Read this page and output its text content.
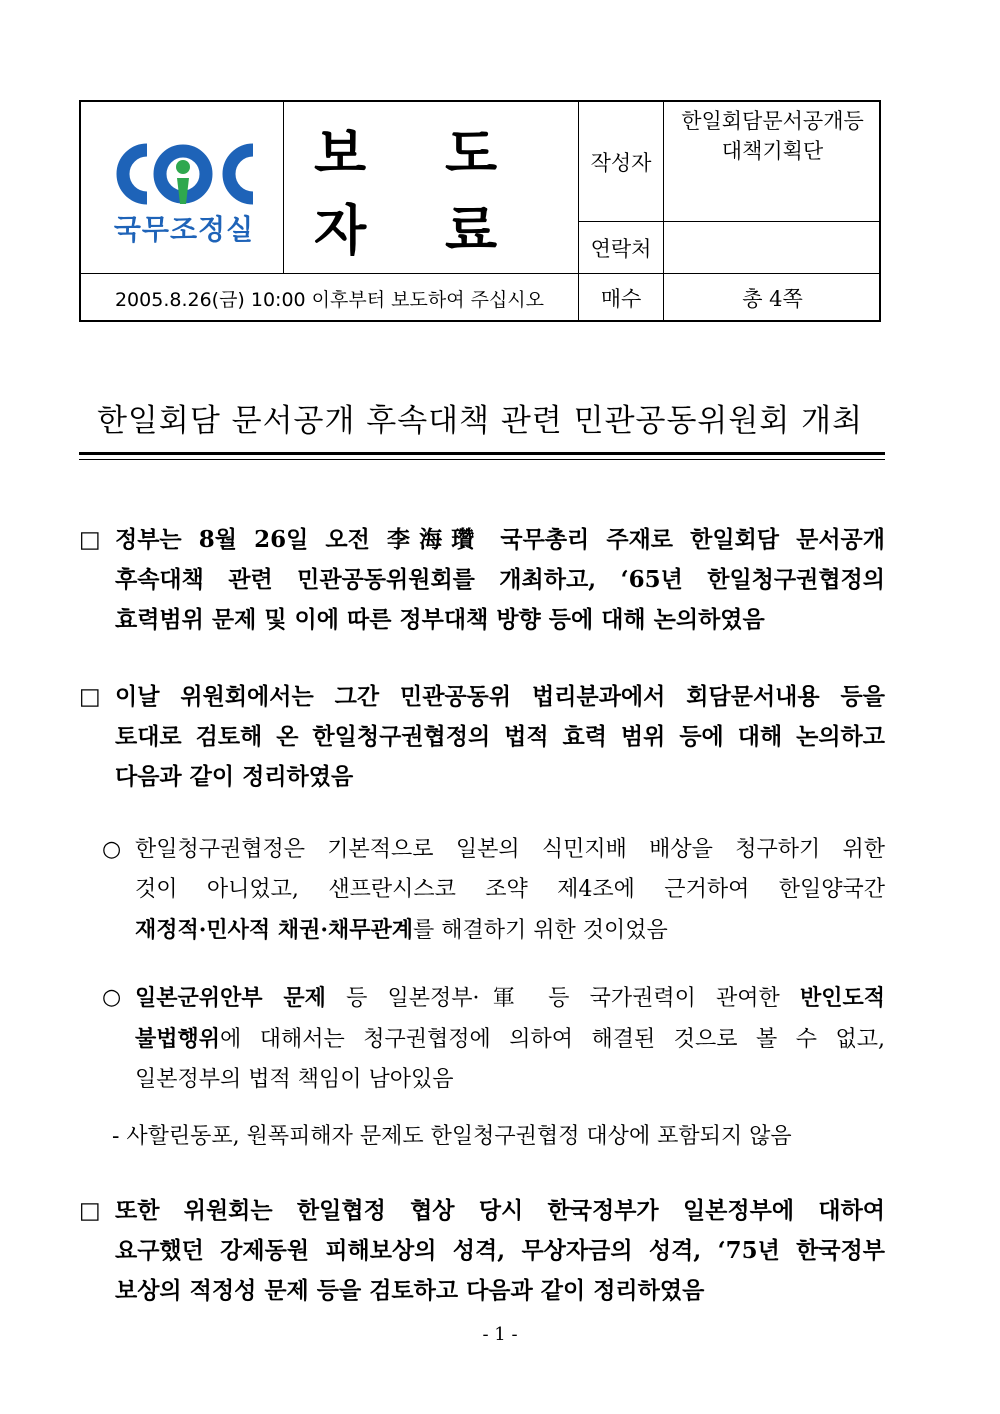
국무조정실
보 도 자 료
작성자
한일회담문서공개등
대책기획단
연락처
2005.8.26(금) 10:00 이후부터 보도하여 주십시오	매수	총 4쪽
한일회담 문서공개 후속대책 관련 민관공동위원회 개최
□ 정부는 8월 26일 오전 李海瓚 국무총리 주재로 한일회담 문서공개
후속대책 관련 민관공동위원회를 개최하고, ‘65년 한일청구권협정의
효력범위 문제 및 이에 따른 정부대책 방향 등에 대해 논의하였음
□ 이날 위원회에서는 그간 민관공동위 법리분과에서 회담문서내용 등을
토대로 검토해 온 한일청구권협정의 법적 효력 범위 등에 대해 논의하고
다음과 같이 정리하였음
○ 한일청구권협정은 기본적으로 일본의 식민지배 배상을 청구하기 위한
것이 아니었고, 샌프란시스코 조약 제4조에 근거하여 한일양국간
재정적·민사적 채권·채무관계를 해결하기 위한 것이었음
○ 일본군위안부 문제 등 일본정부·軍 등 국가권력이 관여한 반인도적
불법행위에 대해서는 청구권협정에 의하여 해결된 것으로 볼 수 없고,
일본정부의 법적 책임이 남아있음
- 사할린동포, 원폭피해자 문제도 한일청구권협정 대상에 포함되지 않음
□ 또한 위원회는 한일협정 협상 당시 한국정부가 일본정부에 대하여
요구했던 강제동원 피해보상의 성격, 무상자금의 성격, ‘75년 한국정부
보상의 적정성 문제 등을 검토하고 다음과 같이 정리하였음
- 1 -
